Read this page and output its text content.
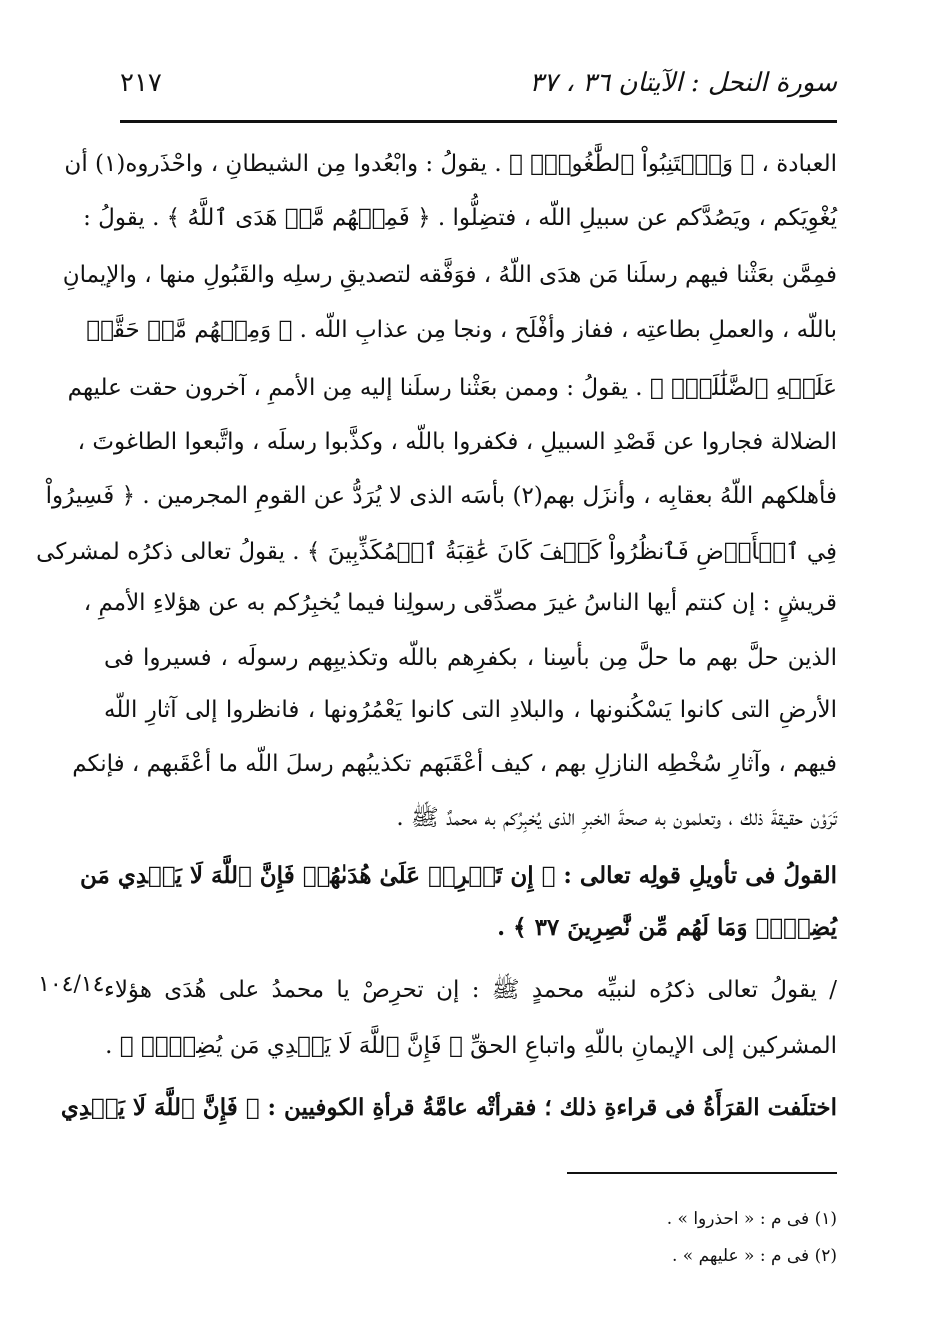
سورة النحل : الآيتان ٣٦ ، ٣٧
٢١٧
العبادة ، ﴿ وَٱجۡتَنِبُواْ ٱلطَّٰغُوتَۖ ﴾ . يقولُ : وابْعُدوا مِن الشيطانِ ، واحْذَروه(١) أن
يُغْوِيَكم ، ويَصُدَّكم عن سبيلِ اللّه ، فتضِلُّوا . ﴿ فَمِنۡهُم مَّنۡ هَدَى ٱللَّهُ ﴾ . يقولُ :
فمِمَّن بعَثْنا فيهم رسلَنا مَن هدَى اللّهُ ، فوَفَّقه لتصديقِ رسلِه والقَبُولِ منها ، والإيمانِ
باللّه ، والعملِ بطاعتِه ، ففاز وأفْلَح ، ونجا مِن عذابِ اللّه . ﴿ وَمِنۡهُم مَّنۡ حَقَّتۡ
عَلَيۡهِ ٱلضَّلَٰلَةُۚ ﴾ . يقولُ : وممن بعَثْنا رسلَنا إليه مِن الأممِ ، آخرون حقت عليهم
الضلالة فجاروا عن قَصْدِ السبيلِ ، فكفروا باللّه ، وكذَّبوا رسلَه ، واتَّبعوا الطاغوتَ ،
فأهلكهم اللّهُ بعقابِه ، وأنزَل بهم(٢) بأسَه الذى لا يُرَدُّ عن القومِ المجرمين . ﴿ فَسِيرُواْ
فِي ٱلۡأَرۡضِ فَٱنظُرُواْ كَيۡفَ كَانَ عَٰقِبَةُ ٱلۡمُكَذِّبِينَ ﴾ . يقولُ تعالى ذكرُه لمشركى
قريشٍ : إن كنتم أيها الناسُ غيرَ مصدِّقى رسولِنا فيما يُخبِرُكم به عن هؤلاءِ الأممِ ،
الذين حلَّ بهم ما حلَّ مِن بأسِنا ، بكفرِهم باللّه وتكذيبِهم رسولَه ، فسيروا فى
الأرضِ التى كانوا يَسْكُنونها ، والبلادِ التى كانوا يَعْمُرُونها ، فانظروا إلى آثارِ اللّه
فيهم ، وآثارِ سُخْطِه النازلِ بهم ، كيف أعْقَبَهم تكذيبُهم رسلَ اللّه ما أعْقَبهم ، فإنكم
تَرَوْن حقيقةَ ذلك ، وتعلمون به صحةَ الخبرِ الذى يُخبِرُكم به محمدٌ ﷺ .
القولُ فى تأويلِ قولِه تعالى : ﴿ إِن تَحۡرِصۡ عَلَىٰ هُدَىٰهُمۡ فَإِنَّ ٱللَّهَ لَا يَهۡدِي مَن
يُضِلُّۖ وَمَا لَهُم مِّن نَّٰصِرِينَ ٣٧ ﴾ .
١٠٤/١٤ / يقولُ تعالى ذكرُه لنبيِّه محمدٍ ﷺ : إن تحرِصْ يا محمدُ على هُدَى هؤلاء
المشركين إلى الإيمانِ باللّهِ واتباعِ الحقِّ ﴿ فَإِنَّ ٱللَّهَ لَا يَهۡدِي مَن يُضِلُّۖ ﴾ .
اختلَفت القرَأَةُ فى قراءةِ ذلك ؛ فقرأتْه عامَّةُ قرأةِ الكوفيين : ﴿ فَإِنَّ ٱللَّهَ لَا يَهۡدِي
(١) فى م : « احذروا » .
(٢) فى م : « عليهم » .
